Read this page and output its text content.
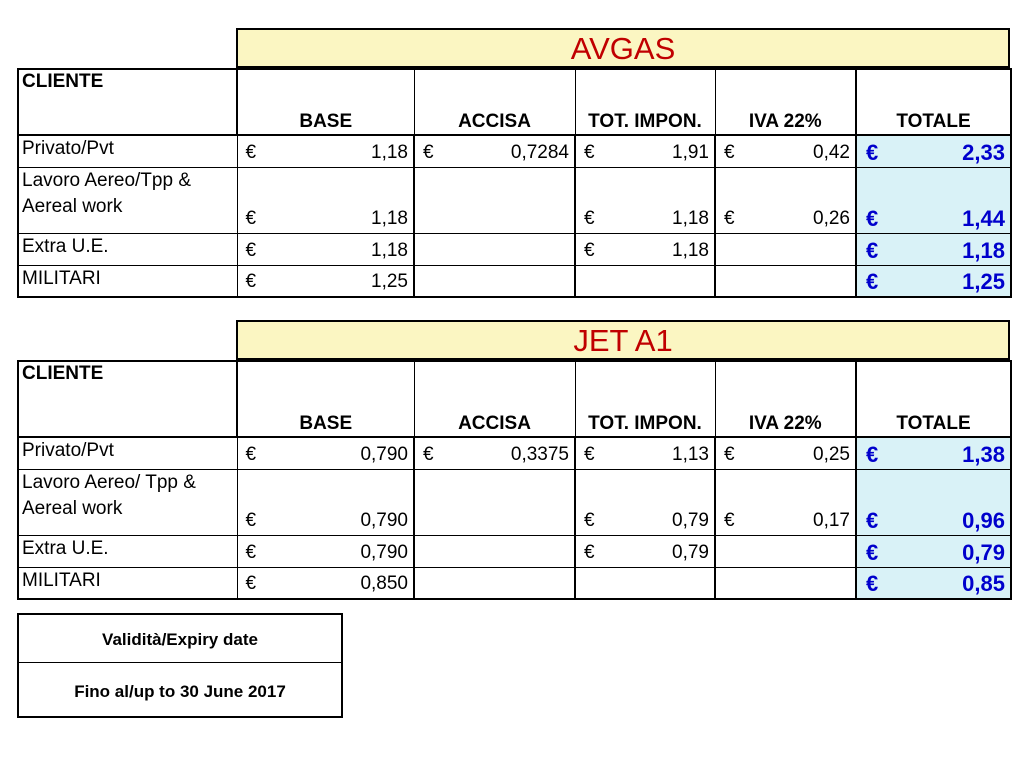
AVGAS
CLIENTE	BASE	ACCISA	TOT. IMPON.	IVA 22%	TOTALE

Privato/Pvt	€ 1,18	€ 0,7284	€ 1,91	€ 0,42	€ 2,33

Lavoro Aereo/Tpp & Aereal work	€ 1,18		€ 1,18	€ 0,26	€ 1,44

Extra U.E.	€ 1,18		€ 1,18		€ 1,18

MILITARI	€ 1,25				€ 1,25
JET A1
CLIENTE	BASE	ACCISA	TOT. IMPON.	IVA 22%	TOTALE

Privato/Pvt	€ 0,790	€ 0,3375	€ 1,13	€ 0,25	€ 1,38

Lavoro Aereo/ Tpp & Aereal work	€ 0,790		€ 0,79	€ 0,17	€ 0,96

Extra U.E.	€ 0,790		€ 0,79		€ 0,79

MILITARI	€ 0,850				€ 0,85
Validità/Expiry date
Fino al/up to 30 June 2017
